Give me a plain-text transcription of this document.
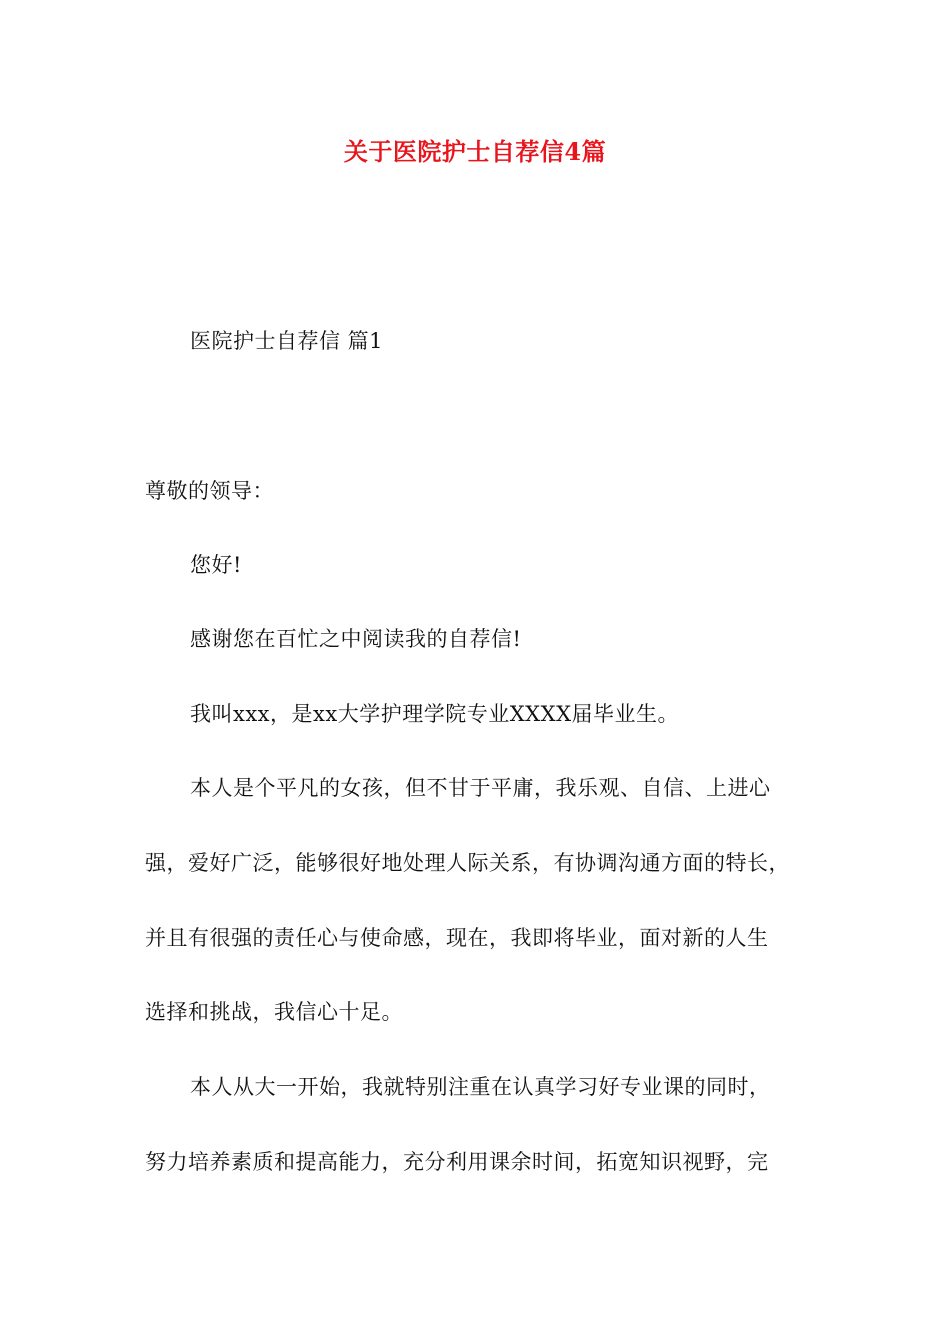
关于医院护士自荐信4篇
医院护士自荐信 篇1
尊敬的领导：
您好!
感谢您在百忙之中阅读我的自荐信!
我叫xxx，是xx大学护理学院专业XXXX届毕业生。
本人是个平凡的女孩，但不甘于平庸，我乐观、自信、上进心
强，爱好广泛，能够很好地处理人际关系，有协调沟通方面的特长，
并且有很强的责任心与使命感，现在，我即将毕业，面对新的人生
选择和挑战，我信心十足。
本人从大一开始，我就特别注重在认真学习好专业课的同时，
努力培养素质和提高能力，充分利用课余时间，拓宽知识视野，完
